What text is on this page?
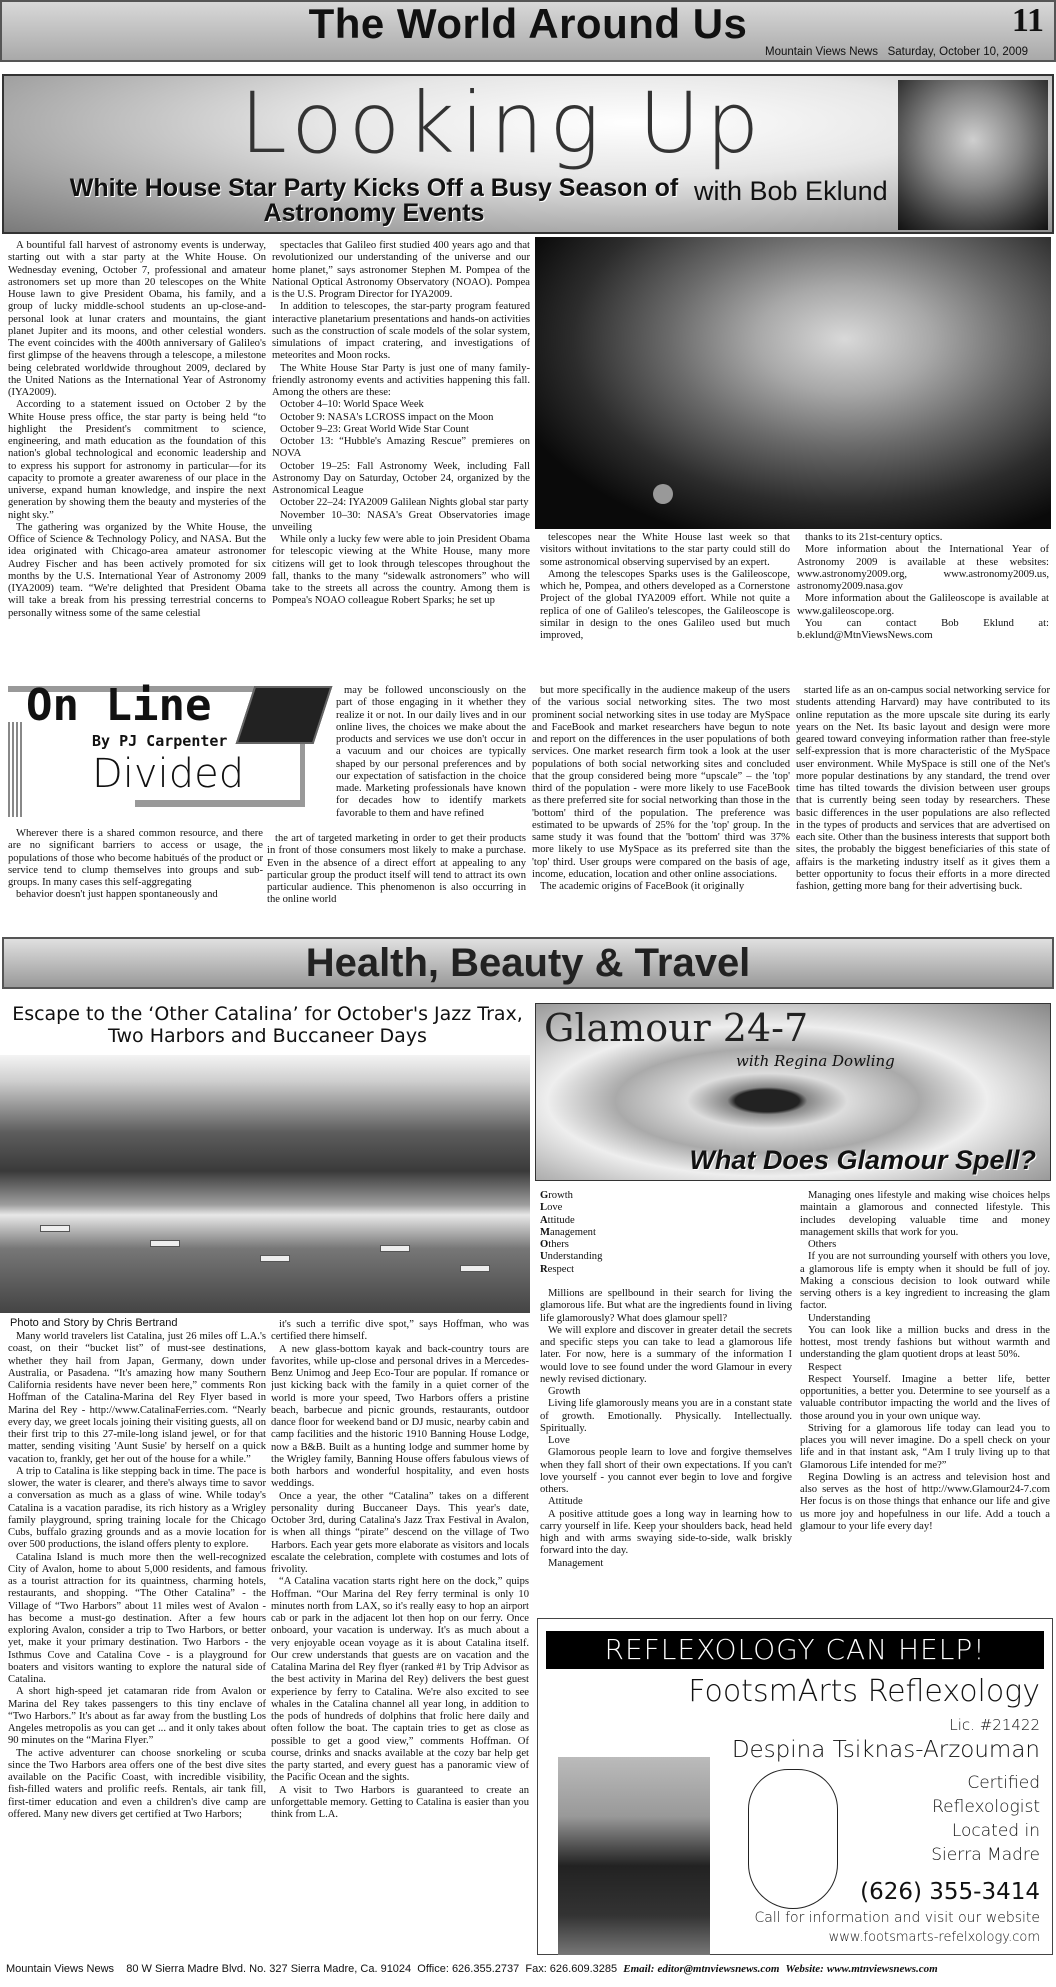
The World Around Us	11
Mountain Views News Saturday, October 10, 2009
Looking Up
with Bob Eklund
White House Star Party Kicks Off a Busy Season of Astronomy Events

A bountiful fall harvest of astronomy events is underway, starting out with a star party at the White House. On Wednesday evening, October 7, professional and amateur astronomers set up more than 20 telescopes on the White House lawn to give President Obama, his family, and a group of lucky middle-school students an up-close-and-personal look at lunar craters and mountains, the giant planet Jupiter and its moons, and other celestial wonders. The event coincides with the 400th anniversary of Galileo's first glimpse of the heavens through a telescope, a milestone being celebrated worldwide throughout 2009, declared by the United Nations as the International Year of Astronomy (IYA2009).

According to a statement issued on October 2 by the White House press office, the star party is being held “to highlight the President's commitment to science, engineering, and math education as the foundation of this nation's global technological and economic leadership and to express his support for astronomy in particular—for its capacity to promote a greater awareness of our place in the universe, expand human knowledge, and inspire the next generation by showing them the beauty and mysteries of the night sky.”

The gathering was organized by the White House, the Office of Science & Technology Policy, and NASA. But the idea originated with Chicago-area amateur astronomer Audrey Fischer and has been actively promoted for six months by the U.S. International Year of Astronomy 2009 (IYA2009) team. “We're delighted that President Obama will take a break from his pressing terrestrial concerns to personally witness some of the same celestial

spectacles that Galileo first studied 400 years ago and that revolutionized our understanding of the universe and our home planet,” says astronomer Stephen M. Pompea of the National Optical Astronomy Observatory (NOAO). Pompea is the U.S. Program Director for IYA2009.

In addition to telescopes, the star-party program featured interactive planetarium presentations and hands-on activities such as the construction of scale models of the solar system, simulations of impact cratering, and investigations of meteorites and Moon rocks.

The White House Star Party is just one of many family-friendly astronomy events and activities happening this fall. Among the others are these:

October 4–10: World Space Week

October 9: NASA's LCROSS impact on the Moon

October 9–23: Great World Wide Star Count

October 13: “Hubble's Amazing Rescue” premieres on NOVA

October 19–25: Fall Astronomy Week, including Fall Astronomy Day on Saturday, October 24, organized by the Astronomical League

October 22–24: IYA2009 Galilean Nights global star party

November 10–30: NASA's Great Observatories image unveiling

While only a lucky few were able to join President Obama for telescopic viewing at the White House, many more citizens will get to look through telescopes throughout the fall, thanks to the many “sidewalk astronomers” who will take to the streets all across the country. Among them is Pompea's NOAO colleague Robert Sparks; he set up

telescopes near the White House last week so that visitors without invitations to the star party could still do some astronomical observing supervised by an expert.

Among the telescopes Sparks uses is the Galileoscope, which he, Pompea, and others developed as a Cornerstone Project of the global IYA2009 effort. While not quite a replica of one of Galileo's telescopes, the Galileoscope is similar in design to the ones Galileo used but much improved,

thanks to its 21st-century optics.

More information about the International Year of Astronomy 2009 is available at these websites: www.astronomy2009.org, www.astronomy2009.us, astronomy2009.nasa.gov

More information about the Galileoscope is available at www.galileoscope.org.

You can contact Bob Eklund at: b.eklund@MtnViewsNews.com

On Line
By PJ Carpenter
Divided

Wherever there is a shared common resource, and there are no significant barriers to access or usage, the populations of those who become habitués of the product or service tend to clump themselves into groups and sub-groups. In many cases this self-aggregating

behavior doesn't just happen spontaneously and

may be followed unconsciously on the part of those engaging in it whether they realize it or not. In our daily lives and in our online lives, the choices we make about the products and services we use don't occur in a vacuum and our choices are typically shaped by our personal preferences and by our expectation of satisfaction in the choice made. Marketing professionals have known for decades how to identify markets favorable to them and have refined

the art of targeted marketing in order to get their products in front of those consumers most likely to make a purchase. Even in the absence of a direct effort at appealing to any particular group the product itself will tend to attract its own particular audience. This phenomenon is also occurring in the online world

but more specifically in the audience makeup of the users of the various social networking sites. The two most prominent social networking sites in use today are MySpace and FaceBook and market researchers have begun to note and report on the differences in the user populations of both services. One market research firm took a look at the user populations of both social networking sites and concluded that the group considered being more “upscale” – the 'top' third of the population - were more likely to use FaceBook as there preferred site for social networking than those in the 'bottom' third of the population. The preference was estimated to be upwards of 25% for the 'top' group. In the same study it was found that the 'bottom' third was 37% more likely to use MySpace as its preferred site than the 'top' third. User groups were compared on the basis of age, income, education, location and other online associations.

The academic origins of FaceBook (it originally

started life as an on-campus social networking service for students attending Harvard) may have contributed to its online reputation as the more upscale site during its early years on the Net. Its basic layout and design were more geared toward conveying information rather than free-style self-expression that is more characteristic of the MySpace user environment. While MySpace is still one of the Net's more popular destinations by any standard, the trend over time has tilted towards the division between user groups that is currently being seen today by researchers. These basic differences in the user populations are also reflected in the types of products and services that are advertised on each site. Other than the business interests that support both sites, the probably the biggest beneficiaries of this state of affairs is the marketing industry itself as it gives them a better opportunity to focus their efforts in a more directed fashion, getting more bang for their advertising buck.

Health, Beauty & Travel
Escape to the ‘Other Catalina’ for October's Jazz Trax, Two Harbors and Buccaneer Days
Photo and Story by Chris Bertrand

Many world travelers list Catalina, just 26 miles off L.A.'s coast, on their “bucket list” of must-see destinations, whether they hail from Japan, Germany, down under Australia, or Pasadena. “It's amazing how many Southern California residents have never been here,” comments Ron Hoffman of the Catalina-Marina del Rey Flyer based in Marina del Rey - http://www.CatalinaFerries.com. “Nearly every day, we greet locals joining their visiting guests, all on their first trip to this 27-mile-long island jewel, or for that matter, sending visiting 'Aunt Susie' by herself on a quick vacation to, frankly, get her out of the house for a while.”

A trip to Catalina is like stepping back in time. The pace is slower, the water is clearer, and there's always time to savor a conversation as much as a glass of wine. While today's Catalina is a vacation paradise, its rich history as a Wrigley family playground, spring training locale for the Chicago Cubs, buffalo grazing grounds and as a movie location for over 500 productions, the island offers plenty to explore.

Catalina Island is much more then the well-recognized City of Avalon, home to about 5,000 residents, and famous as a tourist attraction for its quaintness, charming hotels, restaurants, and shopping. “The Other Catalina” - the Village of “Two Harbors” about 11 miles west of Avalon - has become a must-go destination. After a few hours exploring Avalon, consider a trip to Two Harbors, or better yet, make it your primary destination. Two Harbors - the Isthmus Cove and Catalina Cove - is a playground for boaters and visitors wanting to explore the natural side of Catalina.

A short high-speed jet catamaran ride from Avalon or Marina del Rey takes passengers to this tiny enclave of “Two Harbors.” It's about as far away from the bustling Los Angeles metropolis as you can get ... and it only takes about 90 minutes on the “Marina Flyer.”

The active adventurer can choose snorkeling or scuba since the Two Harbors area offers one of the best dive sites available on the Pacific Coast, with incredible visibility, fish-filled waters and prolific reefs. Rentals, air tank fill, first-timer education and even a children's dive camp are offered. Many new divers get certified at Two Harbors;

it's such a terrific dive spot,” says Hoffman, who was certified there himself.

A new glass-bottom kayak and back-country tours are favorites, while up-close and personal drives in a Mercedes-Benz Unimog and Jeep Eco-Tour are popular. If romance or just kicking back with the family in a quiet corner of the world is more your speed, Two Harbors offers a pristine beach, barbecue and picnic grounds, restaurants, outdoor dance floor for weekend band or DJ music, nearby cabin and camp facilities and the historic 1910 Banning House Lodge, now a B&B. Built as a hunting lodge and summer home by the Wrigley family, Banning House offers fabulous views of both harbors and wonderful hospitality, and even hosts weddings.

Once a year, the other “Catalina” takes on a different personality during Buccaneer Days. This year's date, October 3rd, during Catalina's Jazz Trax Festival in Avalon, is when all things “pirate” descend on the village of Two Harbors. Each year gets more elaborate as visitors and locals escalate the celebration, complete with costumes and lots of frivolity.

“A Catalina vacation starts right here on the dock,” quips Hoffman. “Our Marina del Rey ferry terminal is only 10 minutes north from LAX, so it's really easy to hop an airport cab or park in the adjacent lot then hop on our ferry. Once onboard, your vacation is underway. It's as much about a very enjoyable ocean voyage as it is about Catalina itself. Our crew understands that guests are on vacation and the Catalina Marina del Rey flyer (ranked #1 by Trip Advisor as the best activity in Marina del Rey) delivers the best guest experience by ferry to Catalina. We're also excited to see whales in the Catalina channel all year long, in addition to the pods of hundreds of dolphins that frolic here daily and often follow the boat. The captain tries to get as close as possible to get a good view,” comments Hoffman. Of course, drinks and snacks available at the cozy bar help get the party started, and every guest has a panoramic view of the Pacific Ocean and the sights.

A visit to Two Harbors is guaranteed to create an unforgettable memory. Getting to Catalina is easier than you think from L.A.

Glamour 24-7
with Regina Dowling
What Does Glamour Spell?

Growth

Love

Attitude

Management

Others

Understanding

Respect

Millions are spellbound in their search for living the glamorous life. But what are the ingredients found in living life glamorously? What does glamour spell?

We will explore and discover in greater detail the secrets and specific steps you can take to lead a glamorous life later. For now, here is a summary of the information I would love to see found under the word Glamour in every newly revised dictionary.

Growth

Living life glamorously means you are in a constant state of growth. Emotionally. Physically. Intellectually. Spiritually.

Love

Glamorous people learn to love and forgive themselves when they fall short of their own expectations. If you can't love yourself - you cannot ever begin to love and forgive others.

Attitude

A positive attitude goes a long way in learning how to carry yourself in life. Keep your shoulders back, head held high and with arms swaying side-to-side, walk briskly forward into the day.

Management

Managing ones lifestyle and making wise choices helps maintain a glamorous and connected lifestyle. This includes developing valuable time and money management skills that work for you.

Others

If you are not surrounding yourself with others you love, a glamorous life is empty when it should be full of joy. Making a conscious decision to look outward while serving others is a key ingredient to increasing the glam factor.

Understanding

You can look like a million bucks and dress in the hottest, most trendy fashions but without warmth and understanding the glam quotient drops at least 50%.

Respect

Respect Yourself. Imagine a better life, better opportunities, a better you. Determine to see yourself as a valuable contributor impacting the world and the lives of those around you in your own unique way.

Striving for a glamorous life today can lead you to places you will never imagine. Do a spell check on your life and in that instant ask, “Am I truly living up to that Glamorous Life intended for me?”

Regina Dowling is an actress and television host and also serves as the host of http://www.Glamour24-7.com Her focus is on those things that enhance our life and give us more joy and hopefulness in our life. Add a touch a glamour to your life every day!

REFLEXOLOGY CAN HELP!
FootsmArts Reflexology
Lic. #21422
Despina Tsiknas-Arzouman
Certified
Reflexologist
Located in
Sierra Madre
(626) 355-3414
Call for information and visit our website
www.footsmarts-refelxology.com
Mountain Views News 80 W Sierra Madre Blvd. No. 327 Sierra Madre, Ca. 91024 Office: 626.355.2737 Fax: 626.609.3285 Email: editor@mtnviewsnews.com Website: www.mtnviewsnews.com
